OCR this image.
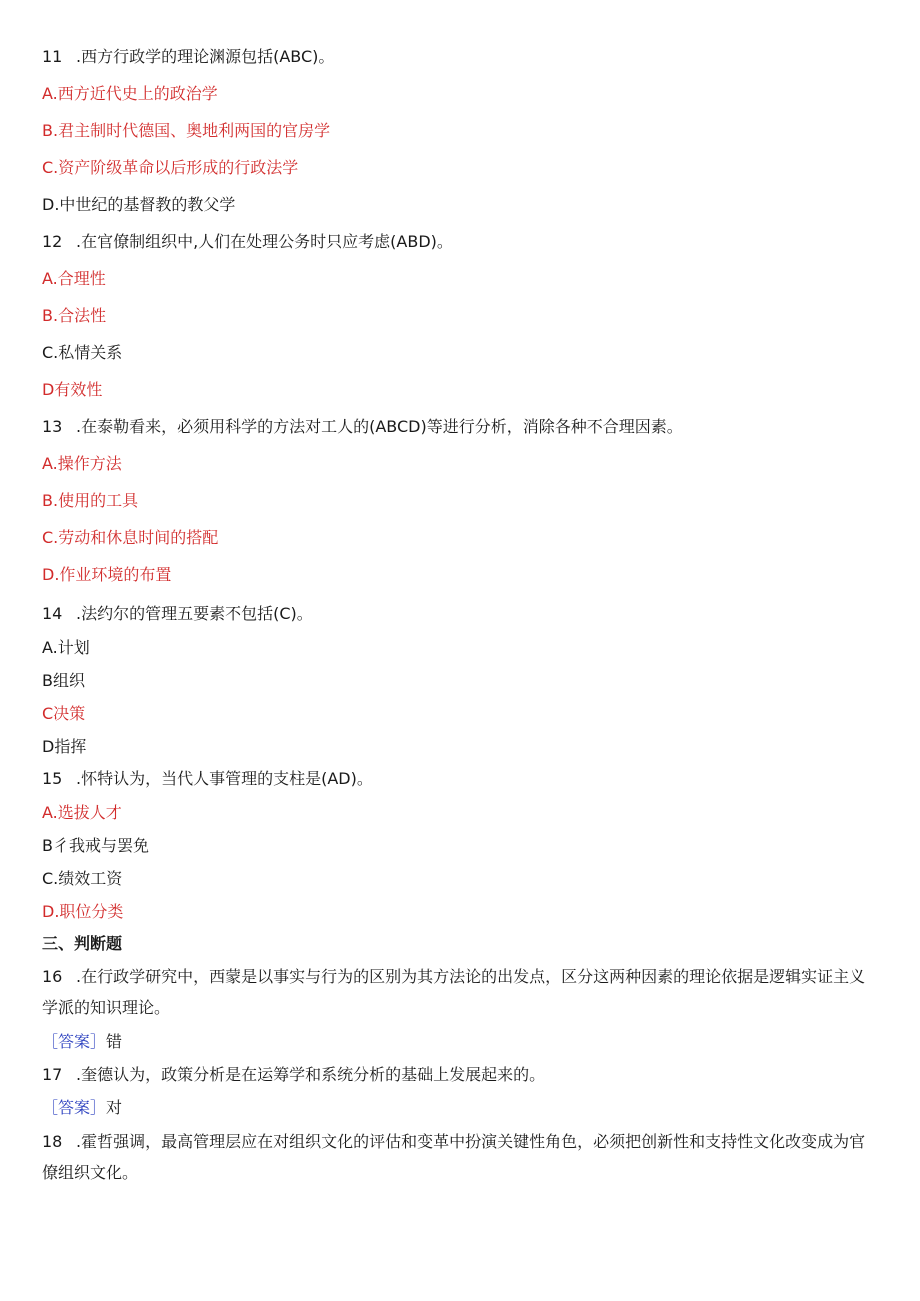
11 .西方行政学的理论渊源包括(ABC)。
A.西方近代史上的政治学
B.君主制时代德国、奥地利两国的官房学
C.资产阶级革命以后形成的行政法学
D.中世纪的基督教的教父学
12 .在官僚制组织中,人们在处理公务时只应考虑(ABD)。
A.合理性
B.合法性
C.私情关系
D有效性
13 .在泰勒看来，必须用科学的方法对工人的(ABCD)等进行分析，消除各种不合理因素。
A.操作方法
B.使用的工具
C.劳动和休息时间的搭配
D.作业环境的布置
14 .法约尔的管理五要素不包括(C)。
A.计划
B组织
C决策
D指挥
15 .怀特认为，当代人事管理的支柱是(AD)。
A.选拔人才
B彳我戒与罢免
C.绩效工资
D.职位分类
三、判断题
16 .在行政学研究中，西蒙是以事实与行为的区别为其方法论的出发点，区分这两种因素的理论依据是逻辑实证主义学派的知识理论。
［答案］错
17 .奎德认为，政策分析是在运筹学和系统分析的基础上发展起来的。
［答案］对
18 .霍哲强调，最高管理层应在对组织文化的评估和变革中扮演关键性角色，必须把创新性和支持性文化改变成为官僚组织文化。
